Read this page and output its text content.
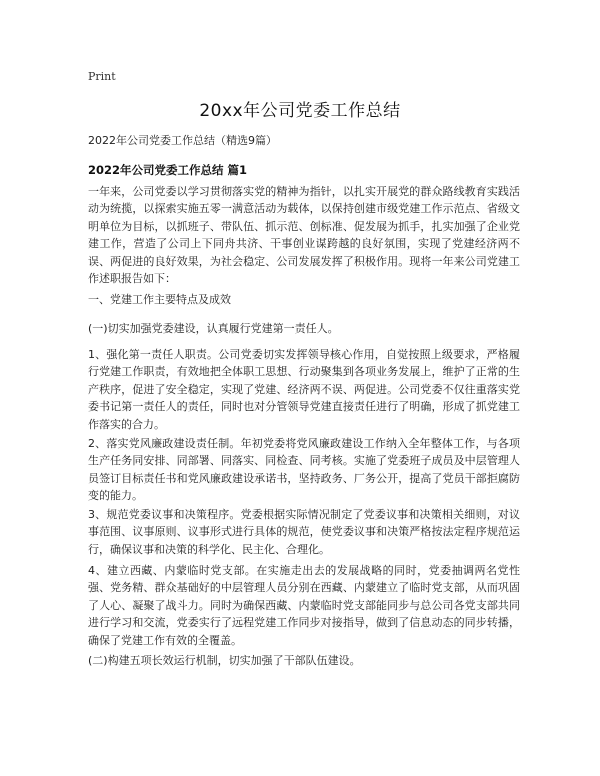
Print
20xx年公司党委工作总结
2022年公司党委工作总结（精选9篇）
2022年公司党委工作总结 篇1
一年来，公司党委以学习贯彻落实党的精神为指针，以扎实开展党的群众路线教育实践活动为统揽，以探索实施五零一满意活动为载体，以保持创建市级党建工作示范点、省级文明单位为目标，以抓班子、带队伍、抓示范、创标准、促发展为抓手，扎实加强了企业党建工作，营造了公司上下同舟共济、干事创业谋跨越的良好氛围，实现了党建经济两不误、两促进的良好效果，为社会稳定、公司发展发挥了积极作用。现将一年来公司党建工作述职报告如下：
一、党建工作主要特点及成效
(一)切实加强党委建设，认真履行党建第一责任人。
1、强化第一责任人职责。公司党委切实发挥领导核心作用，自觉按照上级要求，严格履行党建工作职责，有效地把全体职工思想、行动聚集到各项业务发展上，维护了正常的生产秩序，促进了安全稳定，实现了党建、经济两不误、两促进。公司党委不仅往重落实党委书记第一责任人的责任，同时也对分管领导党建直接责任进行了明确，形成了抓党建工作落实的合力。
2、落实党风廉政建设责任制。年初党委将党风廉政建设工作纳入全年整体工作，与各项生产任务同安排、同部署、同落实、同检查、同考核。实施了党委班子成员及中层管理人员签订目标责任书和党风廉政建设承诺书，坚持政务、厂务公开，提高了党员干部拒腐防变的能力。
3、规范党委议事和决策程序。党委根据实际情况制定了党委议事和决策相关细则，对议事范围、议事原则、议事形式进行具体的规范，使党委议事和决策严格按法定程序规范运行，确保议事和决策的科学化、民主化、合理化。
4、建立西藏、内蒙临时党支部。在实施走出去的发展战略的同时，党委抽调两名党性强、党务精、群众基础好的中层管理人员分别在西藏、内蒙建立了临时党支部，从而巩固了人心、凝聚了战斗力。同时为确保西藏、内蒙临时党支部能同步与总公司各党支部共同进行学习和交流，党委实行了远程党建工作同步对接指导，做到了信息动态的同步转播，确保了党建工作有效的全覆盖。
(二)构建五项长效运行机制，切实加强了干部队伍建设。
